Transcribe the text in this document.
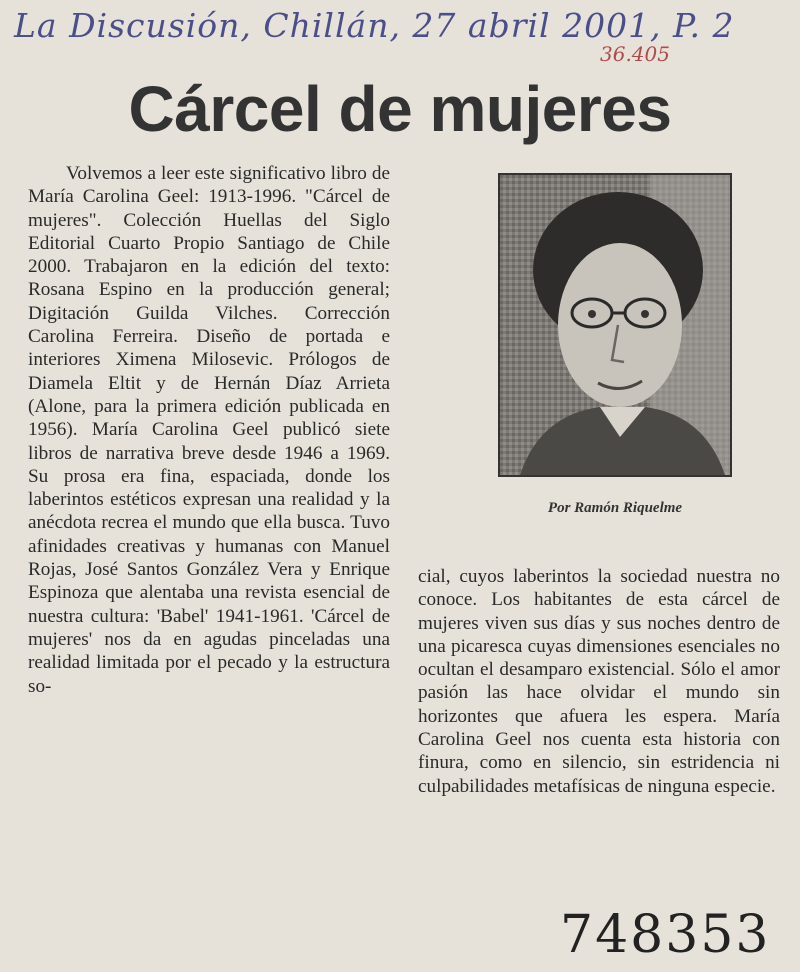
La Discusión, Chillán, 27 abril 2001, P. 2
36.405
Cárcel de mujeres

Volvemos a leer este significativo libro de María Carolina Geel: 1913-1996. "Cárcel de mujeres". Colección Huellas del Siglo Editorial Cuarto Propio Santiago de Chile 2000. Trabajaron en la edición del texto: Rosana Espino en la producción general; Digitación Guilda Vilches. Corrección Carolina Ferreira. Diseño de portada e interiores Ximena Milosevic. Prólogos de Diamela Eltit y de Hernán Díaz Arrieta (Alone, para la primera edición publicada en 1956). María Carolina Geel publicó siete libros de narrativa breve desde 1946 a 1969. Su prosa era fina, espaciada, donde los laberintos estéticos expresan una realidad y la anécdota recrea el mundo que ella busca. Tuvo afinidades creativas y humanas con Manuel Rojas, José Santos González Vera y Enrique Espinoza que alentaba una revista esencial de nuestra cultura: 'Babel' 1941-1961. 'Cárcel de mujeres' nos da en agudas pinceladas una realidad limitada por el pecado y la estructura so-

Por Ramón Riquelme

cial, cuyos laberintos la sociedad nuestra no conoce. Los habitantes de esta cárcel de mujeres viven sus días y sus noches dentro de una picaresca cuyas dimensiones esenciales no ocultan el desamparo existencial. Sólo el amor pasión las hace olvidar el mundo sin horizontes que afuera les espera. María Carolina Geel nos cuenta esta historia con finura, como en silencio, sin estridencia ni culpabilidades metafísicas de ninguna especie.

748353
